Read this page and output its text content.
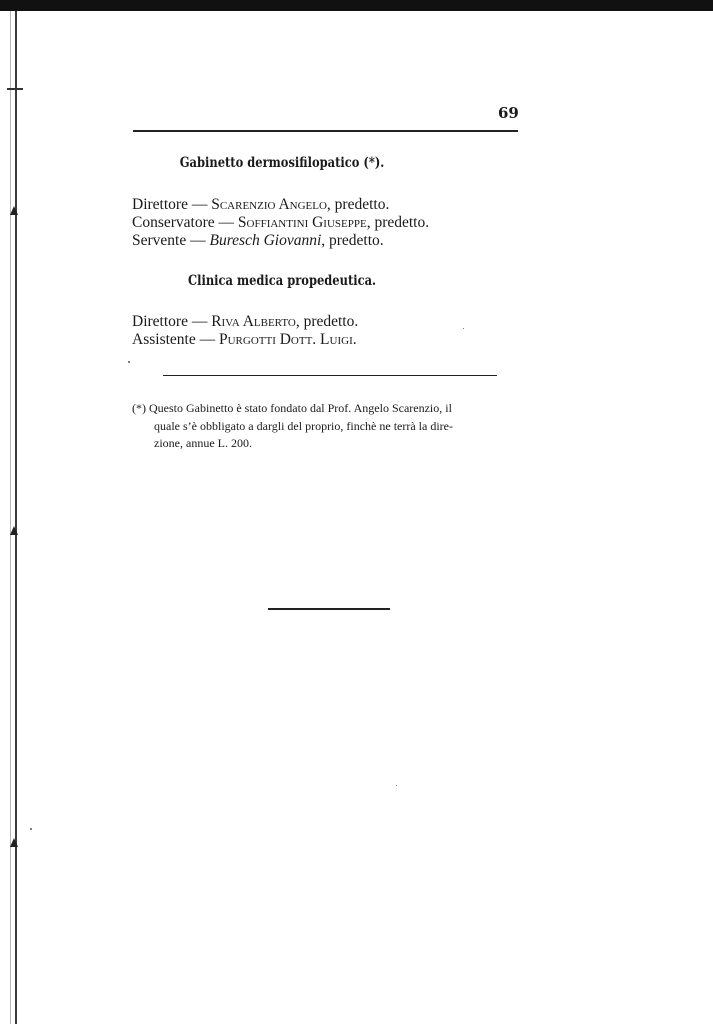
69
Gabinetto dermosifilopatico (*).
Direttore — Scarenzio Angelo, predetto.
Conservatore — Soffiantini Giuseppe, predetto.
Servente — Buresch Giovanni, predetto.
Clinica medica propedeutica.
Direttore — Riva Alberto, predetto.
Assistente — Purgotti Dott. Luigi.
(*) Questo Gabinetto è stato fondato dal Prof. Angelo Scarenzio, il
quale s’è obbligato a dargli del proprio, finchè ne terrà la dire-
zione, annue L. 200.
